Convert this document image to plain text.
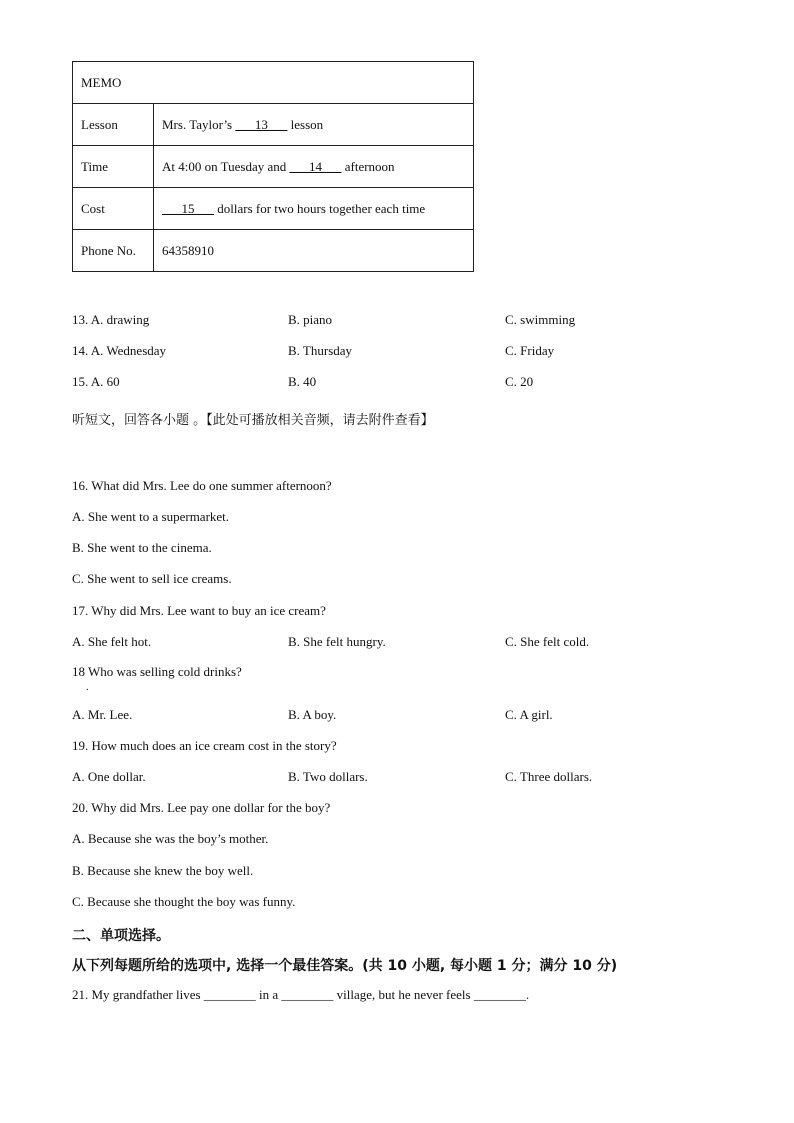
MEMO	
Lesson	Mrs. Taylor’s ___13___ lesson
Time	At 4:00 on Tuesday and ___14___ afternoon
Cost	___15___ dollars for two hours together each time
Phone No.	64358910
13. A. drawing	B. piano	C. swimming
14. A. Wednesday	B. Thursday	C. Friday
15. A. 60	B. 40	C. 20
听短文，回答各小题 。【此处可播放相关音频，请去附件查看】
16. What did Mrs. Lee do one summer afternoon?
A. She went to a supermarket.
B. She went to the cinema.
C. She went to sell ice creams.
17. Why did Mrs. Lee want to buy an ice cream?
A. She felt hot.	B. She felt hungry.	C. She felt cold.
18 Who was selling cold drinks?
.
A. Mr. Lee.	B. A boy.	C. A girl.
19. How much does an ice cream cost in the story?
A. One dollar.	B. Two dollars.	C. Three dollars.
20. Why did Mrs. Lee pay one dollar for the boy?
A. Because she was the boy’s mother.
B. Because she knew the boy well.
C. Because she thought the boy was funny.
二、单项选择。
从下列每题所给的选项中, 选择一个最佳答案。(共 10 小题, 每小题 1 分；满分 10 分)
21. My grandfather lives ________ in a ________ village, but he never feels ________.
